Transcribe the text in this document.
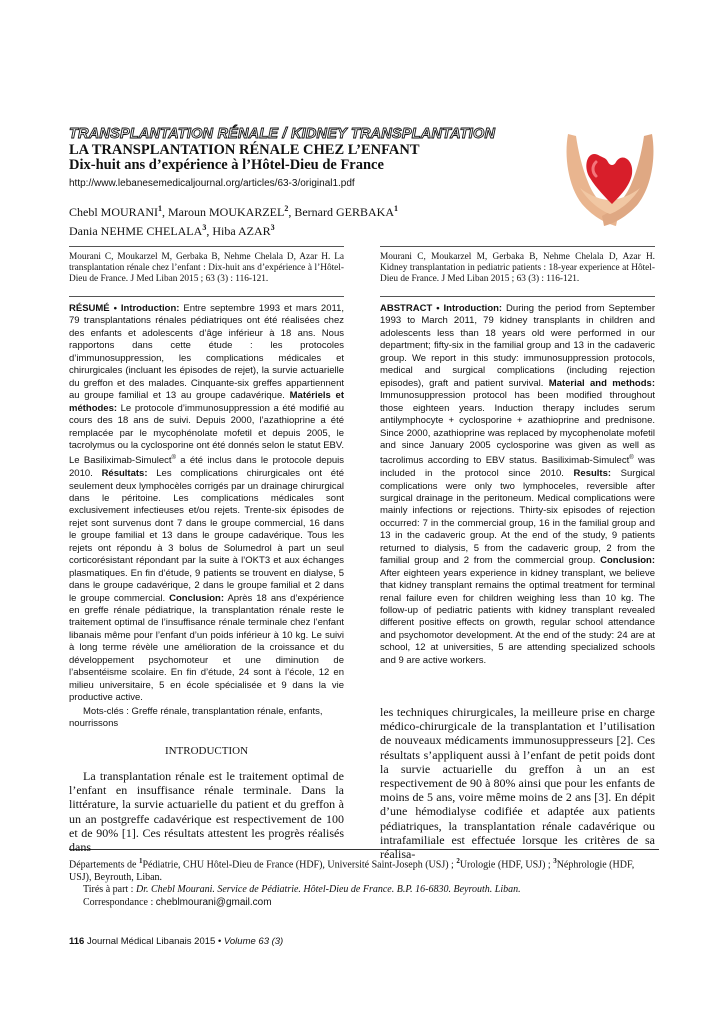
TRANSPLANTATION RÉNALE / KIDNEY TRANSPLANTATION
LA TRANSPLANTATION RÉNALE CHEZ L’ENFANT
Dix-huit ans d’expérience à l’Hôtel-Dieu de France
http://www.lebanesemedicaljournal.org/articles/63-3/original1.pdf
Chebl MOURANI$^1$, Maroun MOUKARZEL$^2$, Bernard GERBAKA$^1$
Dania NEHME CHELALA$^3$, Hiba AZAR$^3$
Mourani C, Moukarzel M, Gerbaka B, Nehme Chelala D, Azar H. La transplantation rénale chez l’enfant : Dix-huit ans d’expérience à l’Hôtel-Dieu de France. J Med Liban 2015 ; 63 (3) : 116-121.
Mourani C, Moukarzel M, Gerbaka B, Nehme Chelala D, Azar H. Kidney transplantation in pediatric patients : 18-year experience at Hôtel-Dieu de France. J Med Liban 2015 ; 63 (3) : 116-121.
RÉSUMÉ • Introduction: Entre septembre 1993 et mars 2011, 79 transplantations rénales pédiatriques ont été réalisées chez des enfants et adolescents d’âge inférieur à 18 ans. Nous rapportons dans cette étude : les protocoles d’immunosuppression, les complications médicales et chirurgicales (incluant les épisodes de rejet), la survie actuarielle du greffon et des malades. Cinquante-six greffes appartiennent au groupe familial et 13 au groupe cadavérique. Matériels et méthodes: Le protocole d’immunosuppression a été modifié au cours des 18 ans de suivi. Depuis 2000, l’azathioprine a été remplacée par le mycophénolate mofetil et depuis 2005, le tacrolymus ou la cyclosporine ont été donnés selon le statut EBV. Le Basiliximab-Simulect® a été inclus dans le protocole depuis 2010. Résultats: Les complications chirurgicales ont été seulement deux lymphocèles corrigés par un drainage chirurgical dans le péritoine. Les complications médicales sont exclusivement infectieuses et/ou rejets. Trente-six épisodes de rejet sont survenus dont 7 dans le groupe commercial, 16 dans le groupe familial et 13 dans le groupe cadavérique. Tous les rejets ont répondu à 3 bolus de Solumedrol à part un seul corticorésistant répondant par la suite à l’OKT3 et aux échanges plasmatiques. En fin d’étude, 9 patients se trouvent en dialyse, 5 dans le groupe cadavérique, 2 dans le groupe familial et 2 dans le groupe commercial. Conclusion: Après 18 ans d’expérience en greffe rénale pédiatrique, la transplantation rénale reste le traitement optimal de l’insuffisance rénale terminale chez l’enfant libanais même pour l’enfant d’un poids inférieur à 10 kg. Le suivi à long terme révèle une amélioration de la croissance et du développement psychomoteur et une diminution de l’absentéisme scolaire. En fin d’étude, 24 sont à l’école, 12 en milieu universitaire, 5 en école spécialisée et 9 dans la vie productive active.
ABSTRACT • Introduction: During the period from September 1993 to March 2011, 79 kidney transplants in children and adolescents less than 18 years old were performed in our department; fifty-six in the familial group and 13 in the cadaveric group. We report in this study: immunosuppression protocols, medical and surgical complications (including rejection episodes), graft and patient survival. Material and methods: Immunosuppression protocol has been modified throughout those eighteen years. Induction therapy includes serum antilymphocyte + cyclosporine + azathioprine and prednisone. Since 2000, azathioprine was replaced by mycophenolate mofetil and since January 2005 cyclosporine was given as well as tacrolimus according to EBV status. Basiliximab-Simulect® was included in the protocol since 2010. Results: Surgical complications were only two lymphoceles, reversible after surgical drainage in the peritoneum. Medical complications were mainly infections or rejections. Thirty-six episodes of rejection occurred: 7 in the commercial group, 16 in the familial group and 13 in the cadaveric group. At the end of the study, 9 patients returned to dialysis, 5 from the cadaveric group, 2 from the familial group and 2 from the commercial group. Conclusion: After eighteen years experience in kidney transplant, we believe that kidney transplant remains the optimal treatment for terminal renal failure even for children weighing less than 10 kg. The follow-up of pediatric patients with kidney transplant revealed different positive effects on growth, regular school attendance and psychomotor development. At the end of the study: 24 are at school, 12 at universities, 5 are attending specialized schools and 9 are active workers.
Mots-clés : Greffe rénale, transplantation rénale, enfants, nourrissons
INTRODUCTION
La transplantation rénale est le traitement optimal de l’enfant en insuffisance rénale terminale. Dans la littérature, la survie actuarielle du patient et du greffon à un an postgreffe cadavérique est respectivement de 100 et de 90% [1]. Ces résultats attestent les progrès réalisés dans
les techniques chirurgicales, la meilleure prise en charge médico-chirurgicale de la transplantation et l’utilisation de nouveaux médicaments immunosuppresseurs [2]. Ces résultats s’appliquent aussi à l’enfant de petit poids dont la survie actuarielle du greffon à un an est respectivement de 90 à 80% ainsi que pour les enfants de moins de 5 ans, voire même moins de 2 ans [3]. En dépit d’une hémodialyse codifiée et adaptée aux patients pédiatriques, la transplantation rénale cadavérique ou intrafamiliale est effectuée lorsque les critères de sa réalisa-
Départements de $^1$Pédiatrie, CHU Hôtel-Dieu de France (HDF), Université Saint-Joseph (USJ) ; $^2$Urologie (HDF, USJ) ; $^3$Néphrologie (HDF, USJ), Beyrouth, Liban.
Tirés à part : Dr. Chebl Mourani. Service de Pédiatrie. Hôtel-Dieu de France. B.P. 16-6830. Beyrouth. Liban.
Correspondance : cheblmourani@gmail.com
116 Journal Médical Libanais 2015 • Volume 63 (3)
